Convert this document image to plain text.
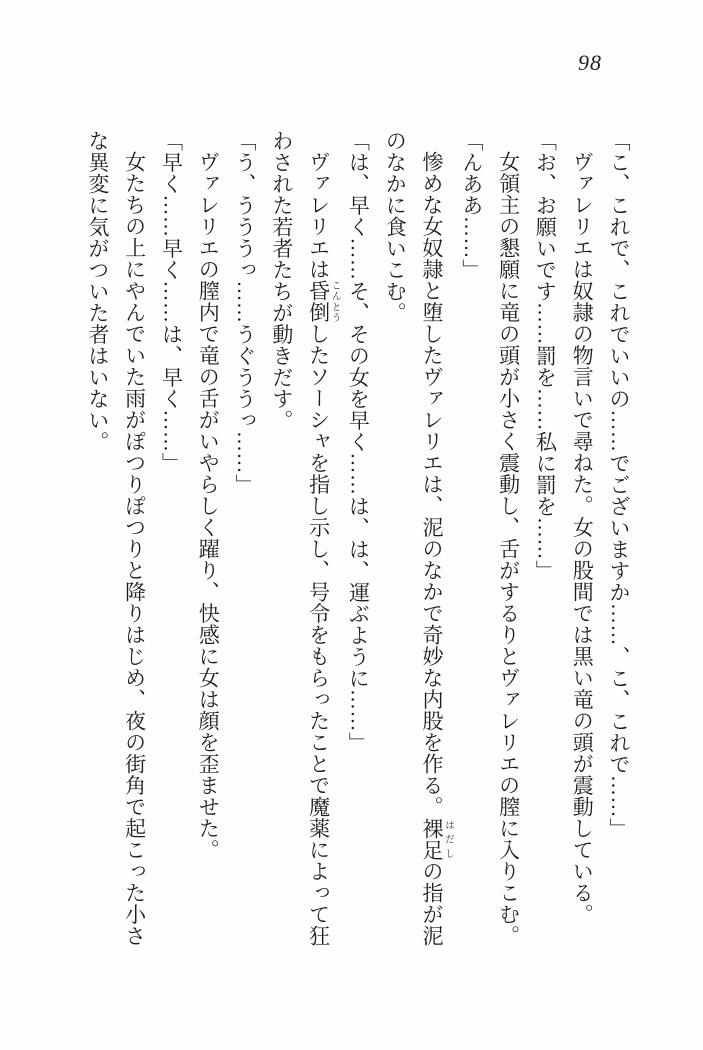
98

「こ、これで、これでいいの……でございますか……、こ、これで……」

ヴァレリエは奴隷の物言いで尋ねた。女の股間では黒い竜の頭が震動している。

「お、お願いです……罰を……私に罰を……」

女領主の懇願に竜の頭が小さく震動し、舌がするりとヴァレリエの膣に入りこむ。

「んああ……」

惨めな女奴隷と堕したヴァレリエは、泥のなかで奇妙な内股を作る。裸足 はだしの指が泥

のなかに食いこむ。

「は、早く……そ、その女を早く……は、は、運ぶように……」

ヴァレリエは昏倒 こんとうしたソーシャを指し示し、号令をもらったことで魔薬によって狂

わされた若者たちが動きだす。

「う、うううっ……うぐううっ……」

ヴァレリエの膣内で竜の舌がいやらしく躍り、快感に女は顔を歪ませた。

「早く……早く……は、早く……」

女たちの上にやんでいた雨がぽつりぽつりと降りはじめ、夜の街角で起こった小さ

な異変に気がついた者はいない。
